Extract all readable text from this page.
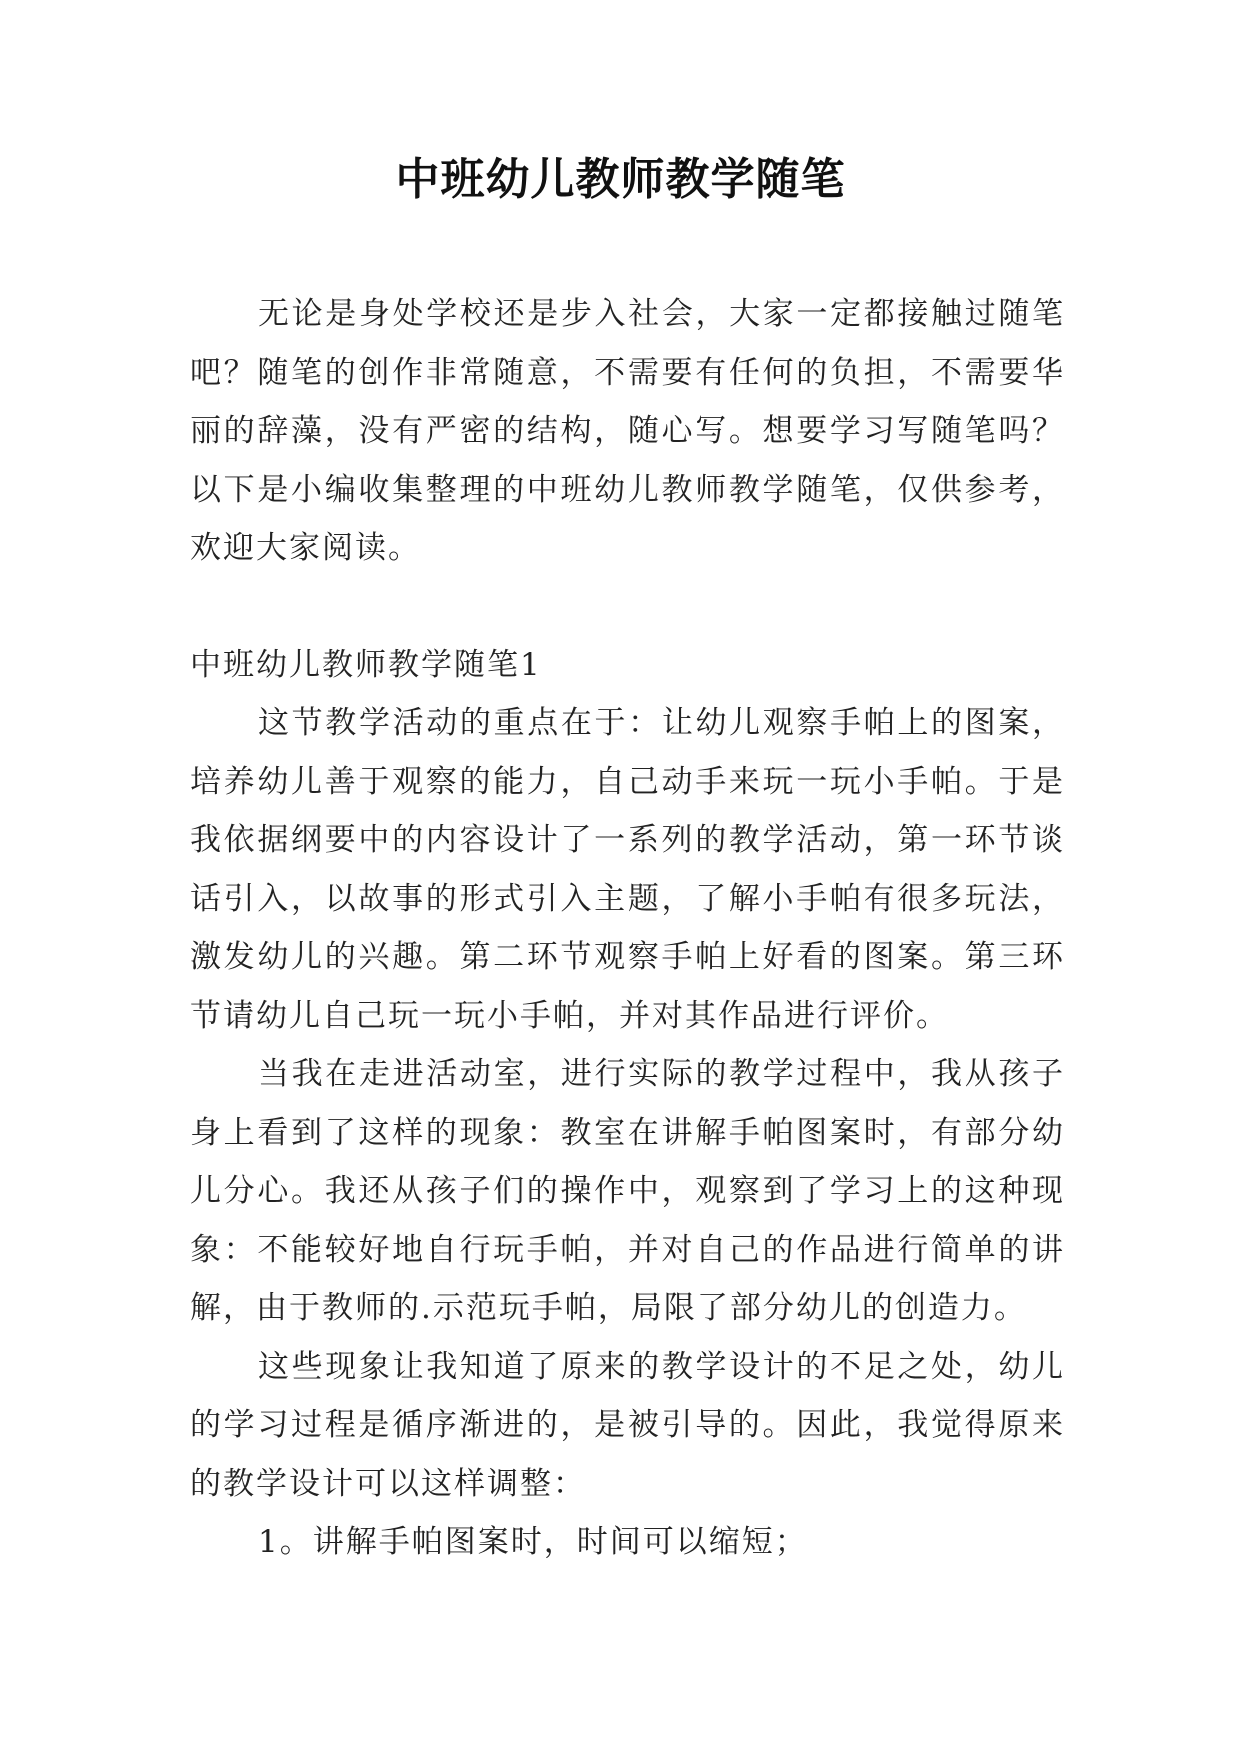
中班幼儿教师教学随笔

无论是身处学校还是步入社会，大家一定都接触过随笔吧？随笔的创作非常随意，不需要有任何的负担，不需要华丽的辞藻，没有严密的结构，随心写。想要学习写随笔吗？以下是小编收集整理的中班幼儿教师教学随笔，仅供参考，欢迎大家阅读。

中班幼儿教师教学随笔1

这节教学活动的重点在于：让幼儿观察手帕上的图案，培养幼儿善于观察的能力，自己动手来玩一玩小手帕。于是我依据纲要中的内容设计了一系列的教学活动，第一环节谈话引入，以故事的形式引入主题，了解小手帕有很多玩法，激发幼儿的兴趣。第二环节观察手帕上好看的图案。第三环节请幼儿自己玩一玩小手帕，并对其作品进行评价。

当我在走进活动室，进行实际的教学过程中，我从孩子身上看到了这样的现象：教室在讲解手帕图案时，有部分幼儿分心。我还从孩子们的操作中，观察到了学习上的这种现象：不能较好地自行玩手帕，并对自己的作品进行简单的讲解，由于教师的.示范玩手帕，局限了部分幼儿的创造力。

这些现象让我知道了原来的教学设计的不足之处，幼儿的学习过程是循序渐进的，是被引导的。因此，我觉得原来的教学设计可以这样调整：

1。讲解手帕图案时，时间可以缩短；
